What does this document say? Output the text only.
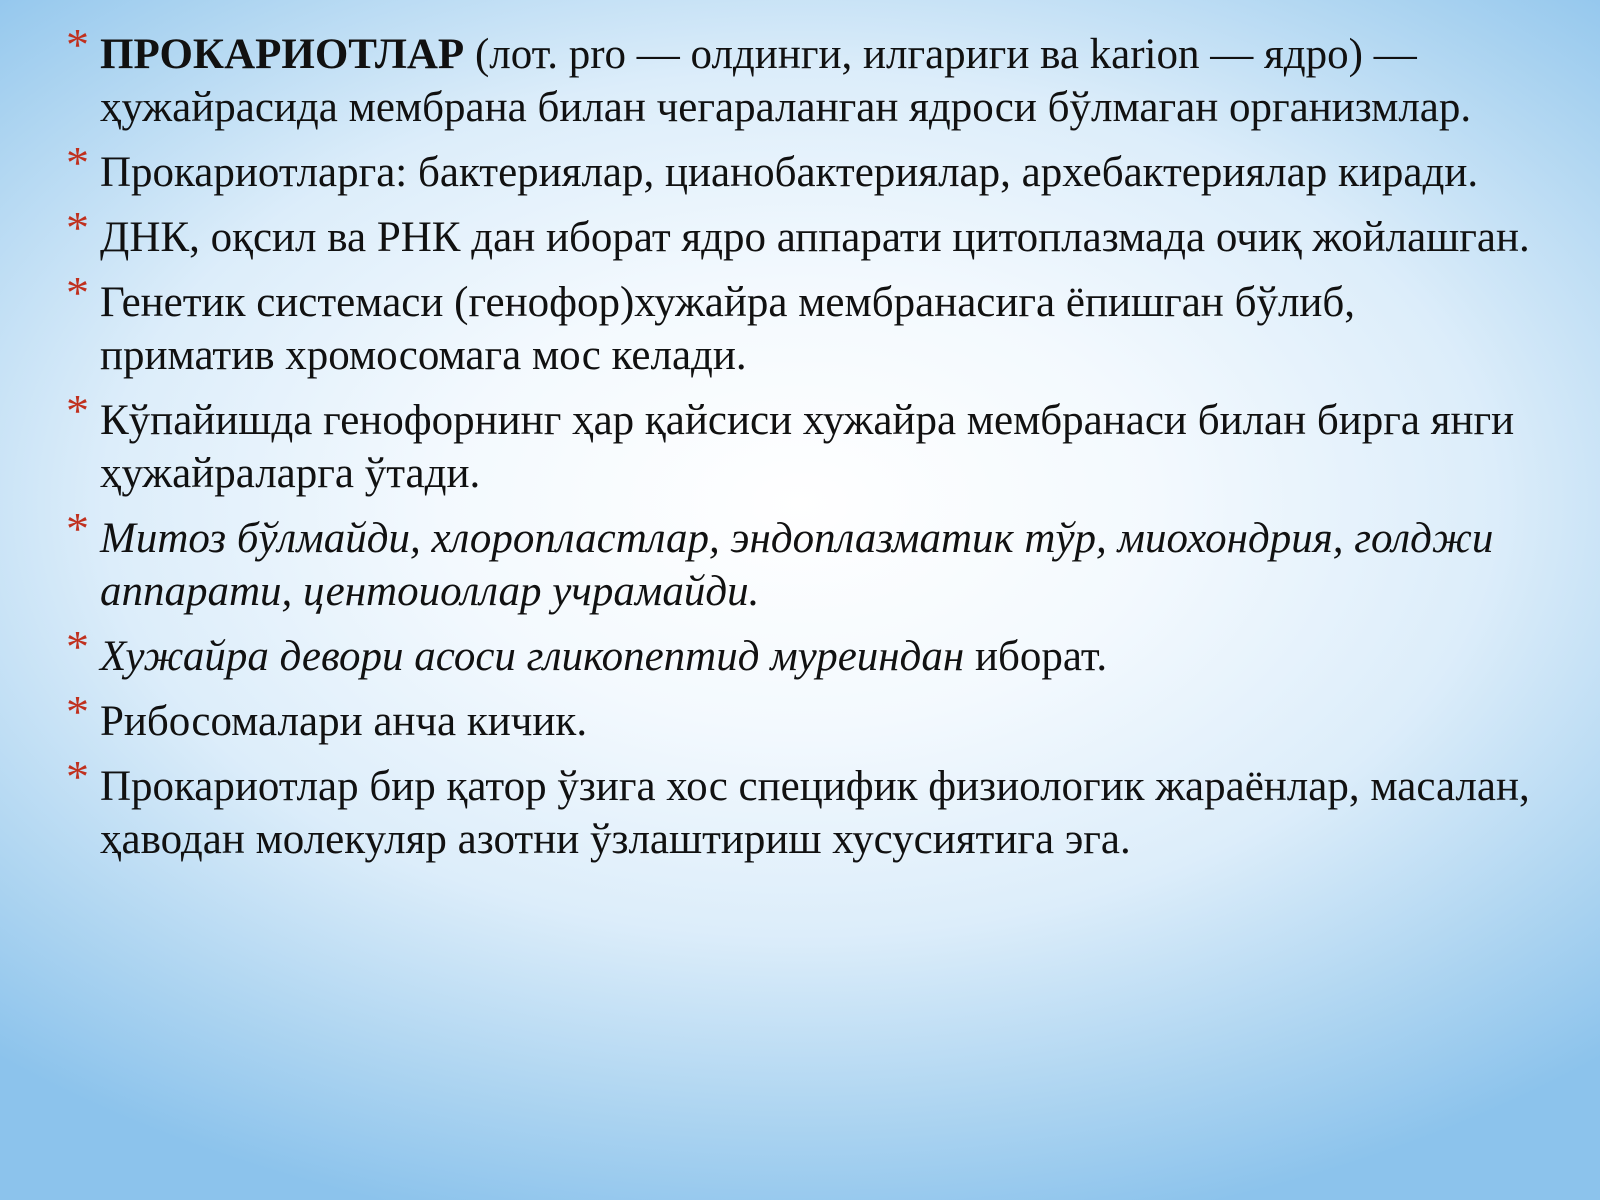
* ПРОКАРИОТЛАР (лот. pro — олдинги, илгариги ва karion — ядро) — ҳужайрасида мембрана билан чегараланган ядроси бўлмаган организмлар.
* Прокариотларга: бактериялар, цианобактериялар, архебактериялар киради.
* ДНК, оқсил ва РНК дан иборат ядро аппарати цитоплазмада очиқ жойлашган.
* Генетик системаси (генофор)хужайра мембранасига ёпишган бўлиб, приматив хромосомага мос келади.
* Кўпайишда генофорнинг ҳар қайсиси хужайра мембранаси билан бирга янги ҳужайраларга ўтади.
* Митоз бўлмайди, хлоропластлар, эндоплазматик тўр, миохондрия, голджи аппарати, центоиоллар учрамайди.
* Хужайра девори асоси гликопептид муреиндан иборат.
* Рибосомалари анча кичик.
* Прокариотлар бир қатор ўзига хос специфик физиологик жараёнлар, масалан, ҳаводан молекуляр азотни ўзлаштириш хусусиятига эга.
